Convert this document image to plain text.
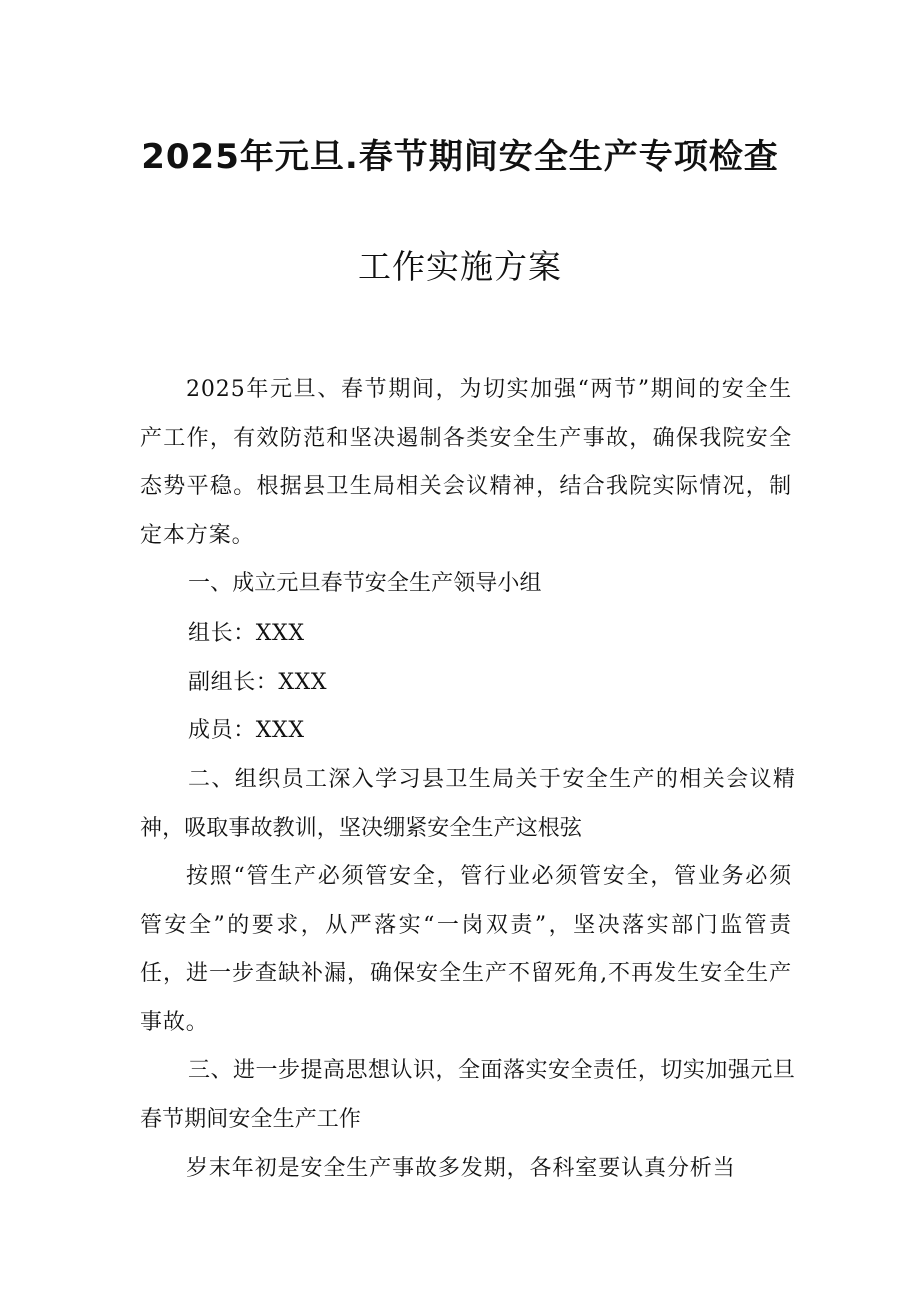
2025年元旦.春节期间安全生产专项检查
工作实施方案
2025年元旦、春节期间，为切实加强“两节”期间的安全生产工作，有效防范和坚决遏制各类安全生产事故，确保我院安全态势平稳。根据县卫生局相关会议精神，结合我院实际情况，制定本方案。
一、成立元旦春节安全生产领导小组
组长：XXX
副组长：XXX
成员：XXX
二、组织员工深入学习县卫生局关于安全生产的相关会议精神，吸取事故教训，坚决绷紧安全生产这根弦
按照“管生产必须管安全，管行业必须管安全，管业务必须管安全”的要求，从严落实“一岗双责”，坚决落实部门监管责任，进一步查缺补漏，确保安全生产不留死角,不再发生安全生产事故。
三、进一步提高思想认识，全面落实安全责任，切实加强元旦春节期间安全生产工作
岁末年初是安全生产事故多发期，各科室要认真分析当
